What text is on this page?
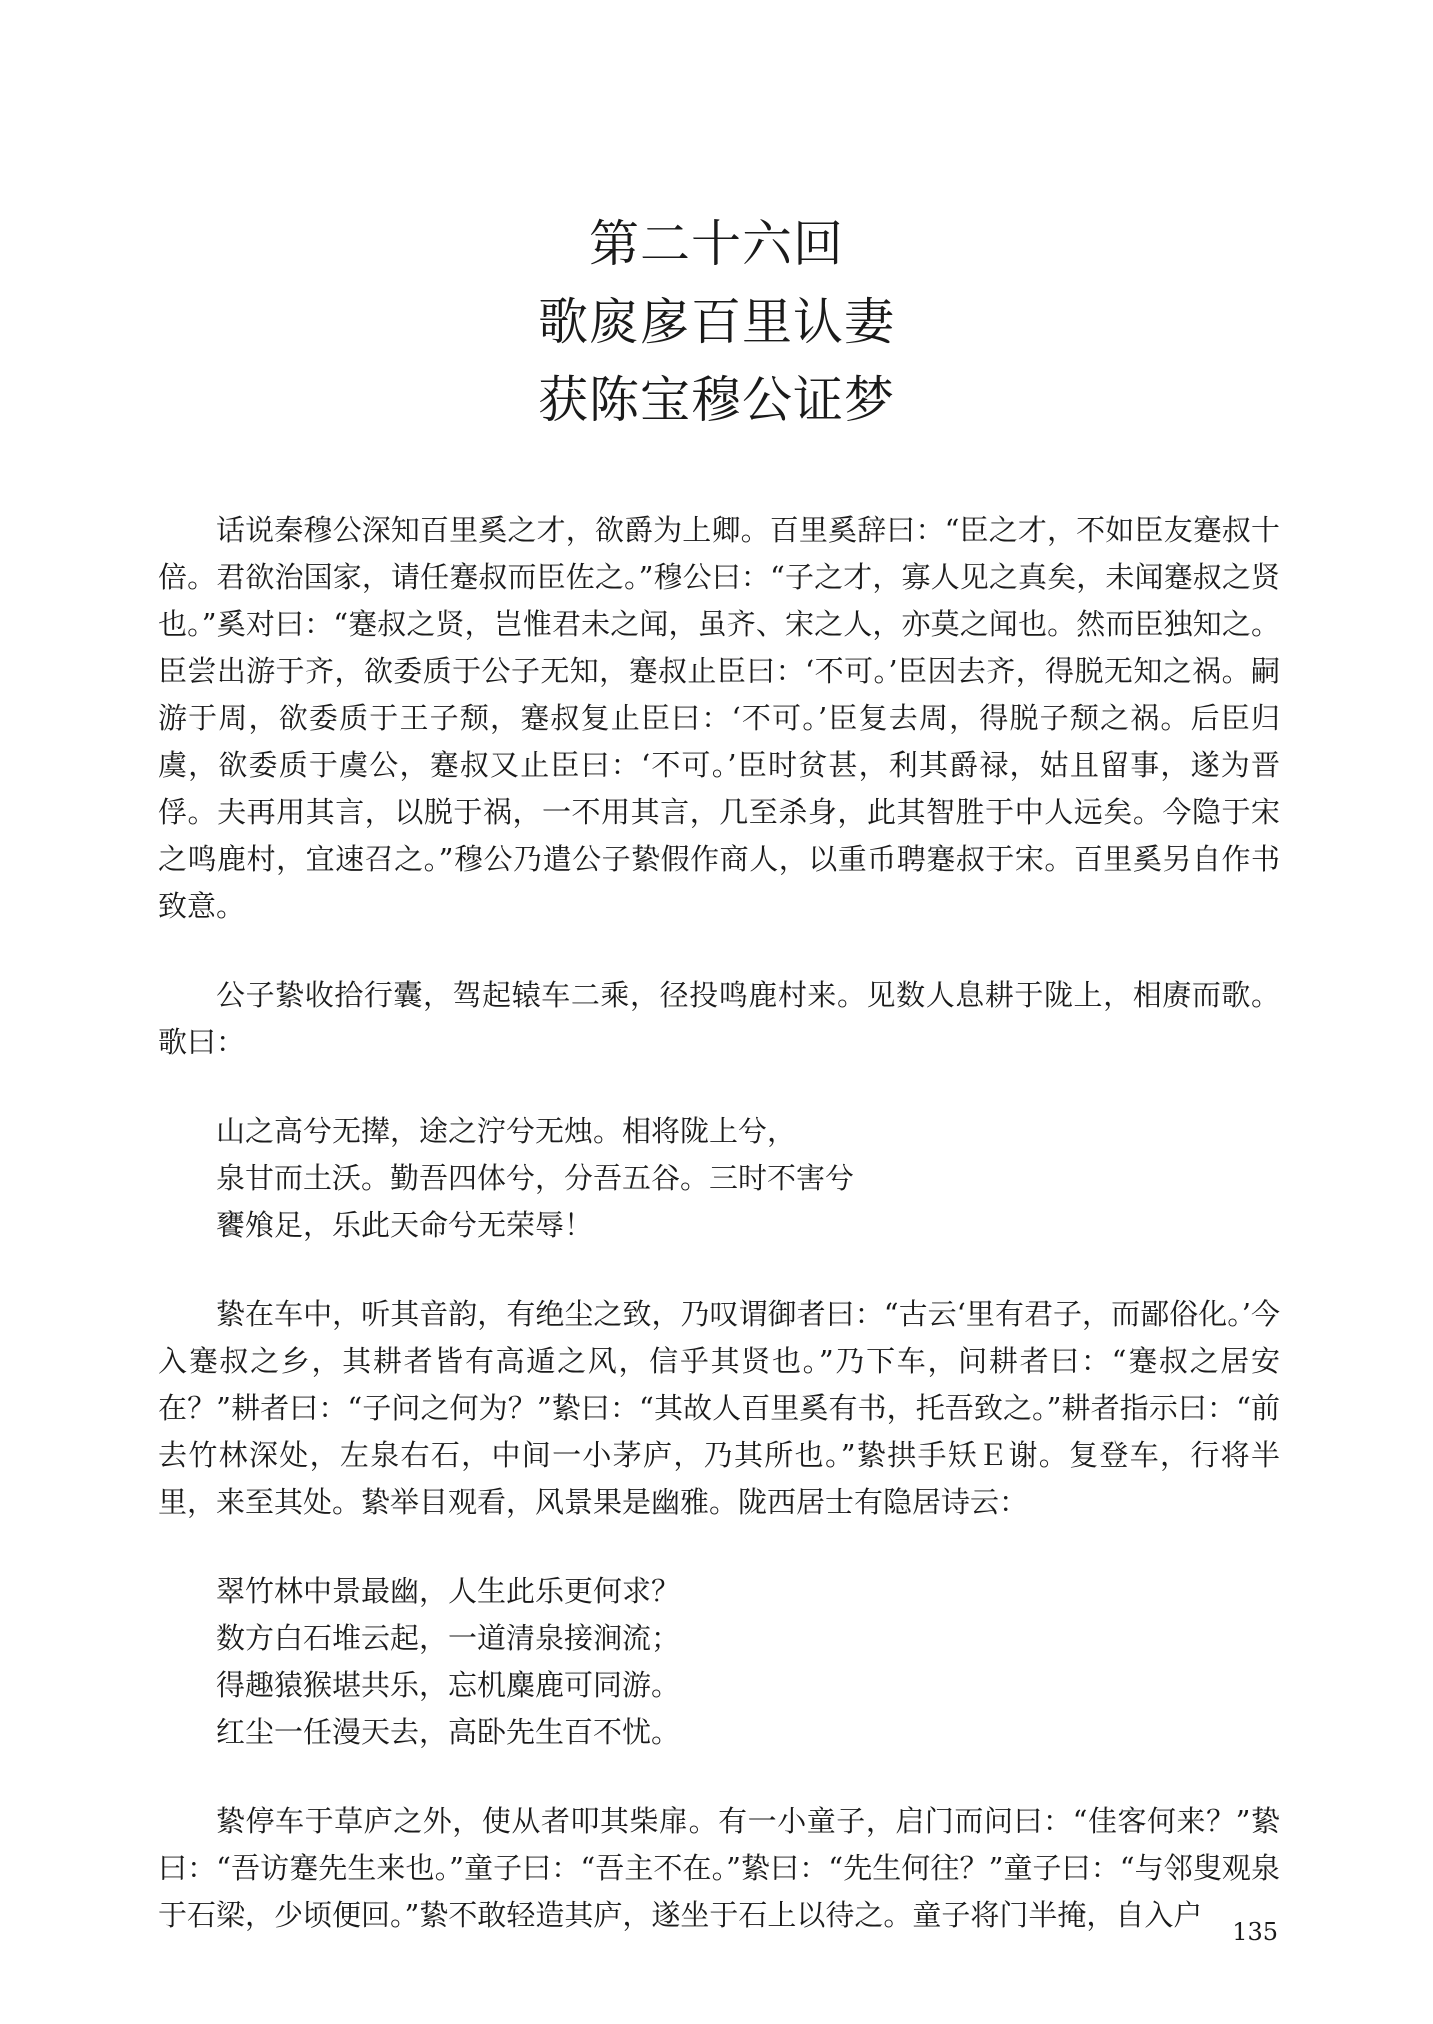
第二十六回
歌扊扅百里认妻
获陈宝穆公证梦

话说秦穆公深知百里奚之才，欲爵为上卿。百里奚辞曰：“臣之才，不如臣友蹇叔十倍。君欲治国家，请任蹇叔而臣佐之。”穆公曰：“子之才，寡人见之真矣，未闻蹇叔之贤也。”奚对曰：“蹇叔之贤，岂惟君未之闻，虽齐、宋之人，亦莫之闻也。然而臣独知之。臣尝出游于齐，欲委质于公子无知，蹇叔止臣曰：‘不可。’臣因去齐，得脱无知之祸。嗣游于周，欲委质于王子颓，蹇叔复止臣曰：‘不可。’臣复去周，得脱子颓之祸。后臣归虞，欲委质于虞公，蹇叔又止臣曰：‘不可。’臣时贫甚，利其爵禄，姑且留事，遂为晋俘。夫再用其言，以脱于祸，一不用其言，几至杀身，此其智胜于中人远矣。今隐于宋之鸣鹿村，宜速召之。”穆公乃遣公子絷假作商人，以重币聘蹇叔于宋。百里奚另自作书致意。

公子絷收拾行囊，驾起辕车二乘，径投鸣鹿村来。见数人息耕于陇上，相赓而歌。歌曰：

山之高兮无撵，途之泞兮无烛。相将陇上兮，
泉甘而土沃。勤吾四体兮，分吾五谷。三时不害兮
饔飧足，乐此天命兮无荣辱！

絷在车中，听其音韵，有绝尘之致，乃叹谓御者曰：“古云‘里有君子，而鄙俗化。’今入蹇叔之乡，其耕者皆有高遁之风，信乎其贤也。”乃下车，问耕者曰：“蹇叔之居安在？”耕者曰：“子问之何为？”絷曰：“其故人百里奚有书，托吾致之。”耕者指示曰：“前去竹林深处，左泉右石，中间一小茅庐，乃其所也。”絷拱手矨Ｅ谢。复登车，行将半里，来至其处。絷举目观看，风景果是幽雅。陇西居士有隐居诗云：

翠竹林中景最幽，人生此乐更何求？
数方白石堆云起，一道清泉接涧流；
得趣猿猴堪共乐，忘机麋鹿可同游。
红尘一任漫天去，高卧先生百不忧。

絷停车于草庐之外，使从者叩其柴扉。有一小童子，启门而问曰：“佳客何来？”絷曰：“吾访蹇先生来也。”童子曰：“吾主不在。”絷曰：“先生何往？”童子曰：“与邻叟观泉于石梁，少顷便回。”絷不敢轻造其庐，遂坐于石上以待之。童子将门半掩，自入户	135
